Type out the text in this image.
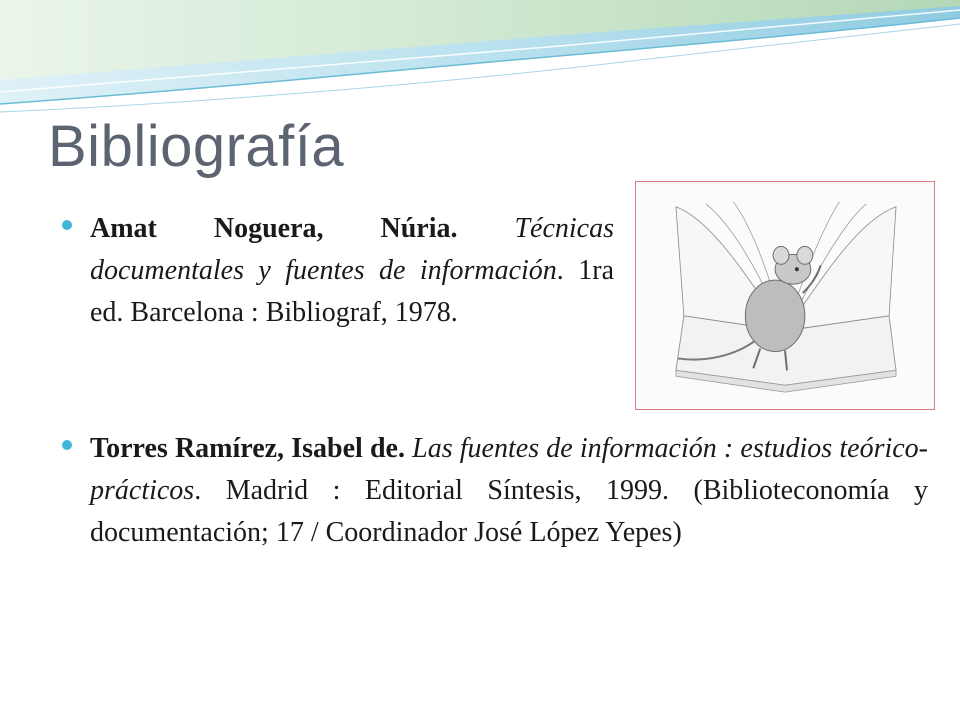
Bibliografía

Amat Noguera, Núria. Técnicas documentales y fuentes de información. 1ra ed. Barcelona : Bibliograf, 1978.

Torres Ramírez, Isabel de. Las fuentes de información : estudios teórico-prácticos. Madrid : Editorial Síntesis, 1999. (Biblioteconomía y documentación; 17 / Coordinador José López Yepes)
